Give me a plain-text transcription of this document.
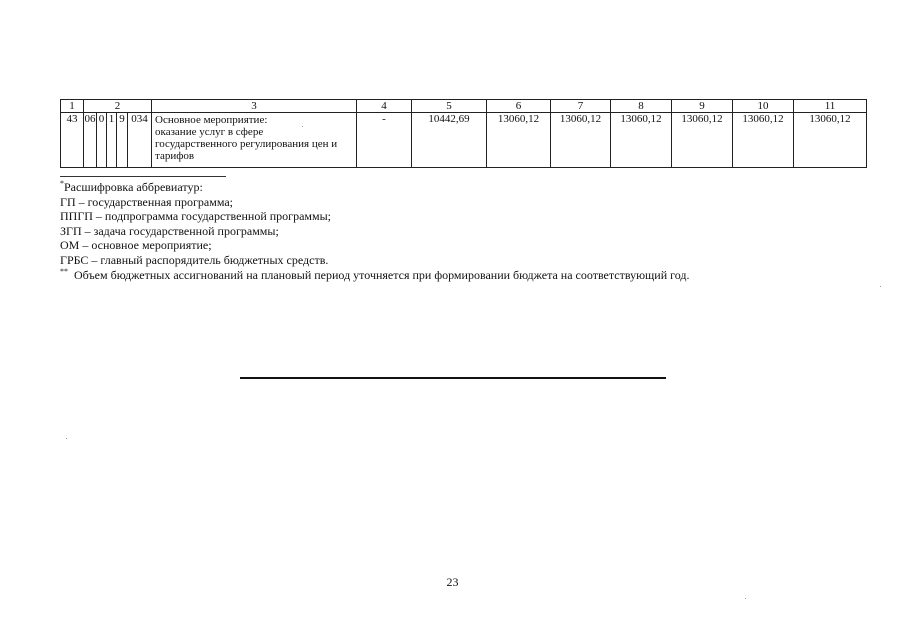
1	2					3	4	5	6	7	8	9	10	11
43	06	0	1	9	034	Основное мероприятие:
оказание услуг в сфере
государственного регулирования цен и
тарифов	-	10442,69	13060,12	13060,12	13060,12	13060,12	13060,12	13060,12
*Расшифровка аббревиатур:
ГП – государственная программа;
ППГП – подпрограмма государственной программы;
ЗГП – задача государственной программы;
ОМ – основное мероприятие;
ГРБС – главный распорядитель бюджетных средств.
** Объем бюджетных ассигнований на плановый период уточняется при формировании бюджета на соответствующий год.
23
